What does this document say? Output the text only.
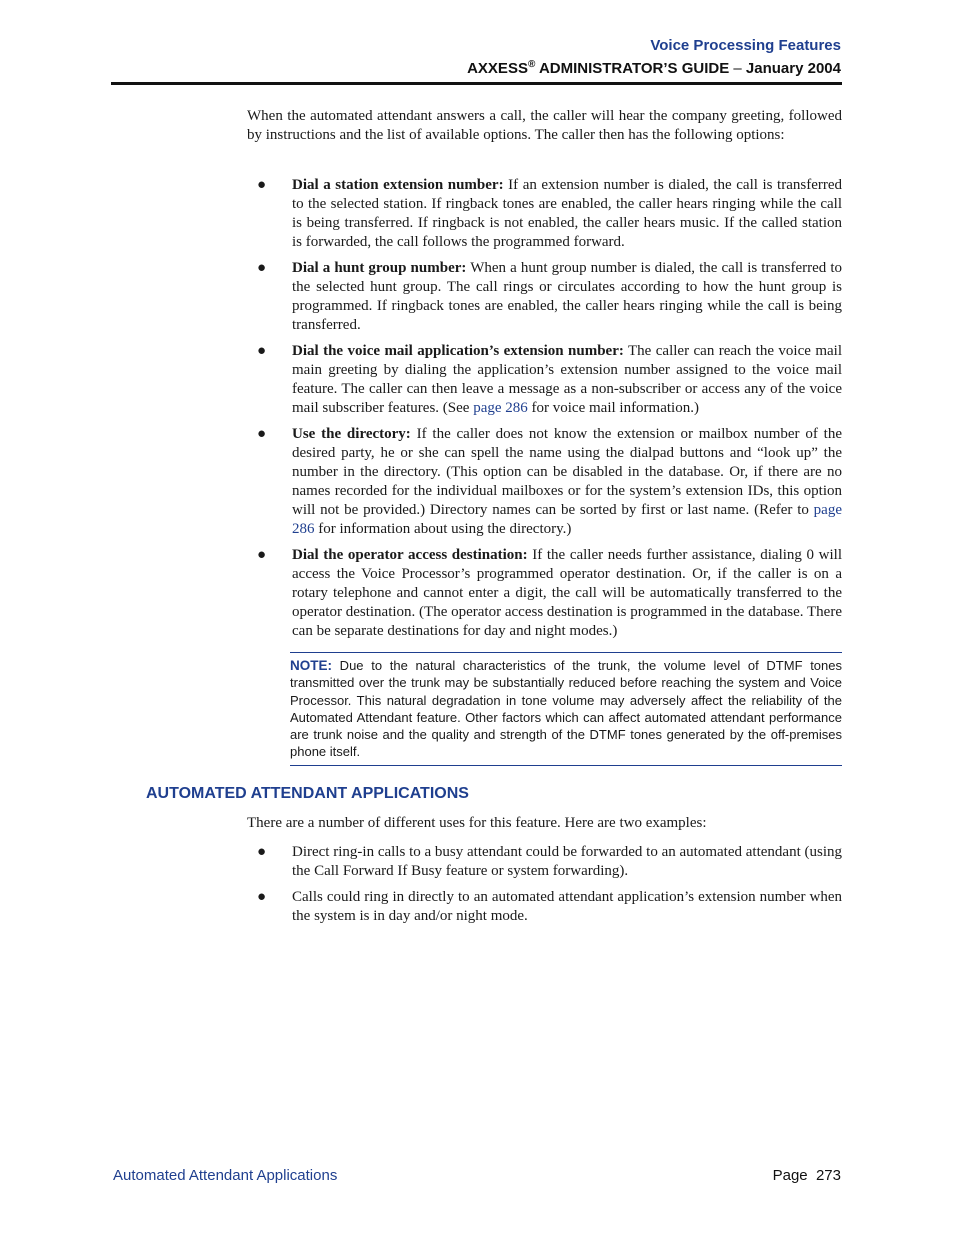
Voice Processing Features
AXXESS® ADMINISTRATOR’S GUIDE – January 2004

When the automated attendant answers a call, the caller will hear the company greeting, followed by instructions and the list of available options. The caller then has the following options:

● Dial a station extension number: If an extension number is dialed, the call is transferred to the selected station. If ringback tones are enabled, the caller hears ringing while the call is being transferred. If ringback is not enabled, the caller hears music. If the called station is forwarded, the call follows the programmed forward.
● Dial a hunt group number: When a hunt group number is dialed, the call is transferred to the selected hunt group. The call rings or circulates according to how the hunt group is programmed. If ringback tones are enabled, the caller hears ringing while the call is being transferred.
● Dial the voice mail application’s extension number: The caller can reach the voice mail main greeting by dialing the application’s extension number assigned to the voice mail feature. The caller can then leave a message as a non-subscriber or access any of the voice mail subscriber features. (See page 286 for voice mail information.)
● Use the directory: If the caller does not know the extension or mailbox number of the desired party, he or she can spell the name using the dialpad buttons and “look up” the number in the directory. (This option can be disabled in the database. Or, if there are no names recorded for the individual mailboxes or for the system’s extension IDs, this option will not be provided.) Directory names can be sorted by first or last name. (Refer to page 286 for information about using the directory.)
● Dial the operator access destination: If the caller needs further assistance, dialing 0 will access the Voice Processor’s programmed operator destination. Or, if the caller is on a rotary telephone and cannot enter a digit, the call will be automatically transferred to the operator destination. (The operator access destination is programmed in the database. There can be separate destinations for day and night modes.)

NOTE: Due to the natural characteristics of the trunk, the volume level of DTMF tones transmitted over the trunk may be substantially reduced before reaching the system and Voice Processor. This natural degradation in tone volume may adversely affect the reliability of the Automated Attendant feature. Other factors which can affect automated attendant performance are trunk noise and the quality and strength of the DTMF tones generated by the off-premises phone itself.

AUTOMATED ATTENDANT APPLICATIONS

There are a number of different uses for this feature. Here are two examples:

● Direct ring-in calls to a busy attendant could be forwarded to an automated attendant (using the Call Forward If Busy feature or system forwarding).
● Calls could ring in directly to an automated attendant application’s extension number when the system is in day and/or night mode.
Automated Attendant Applications	Page  273
